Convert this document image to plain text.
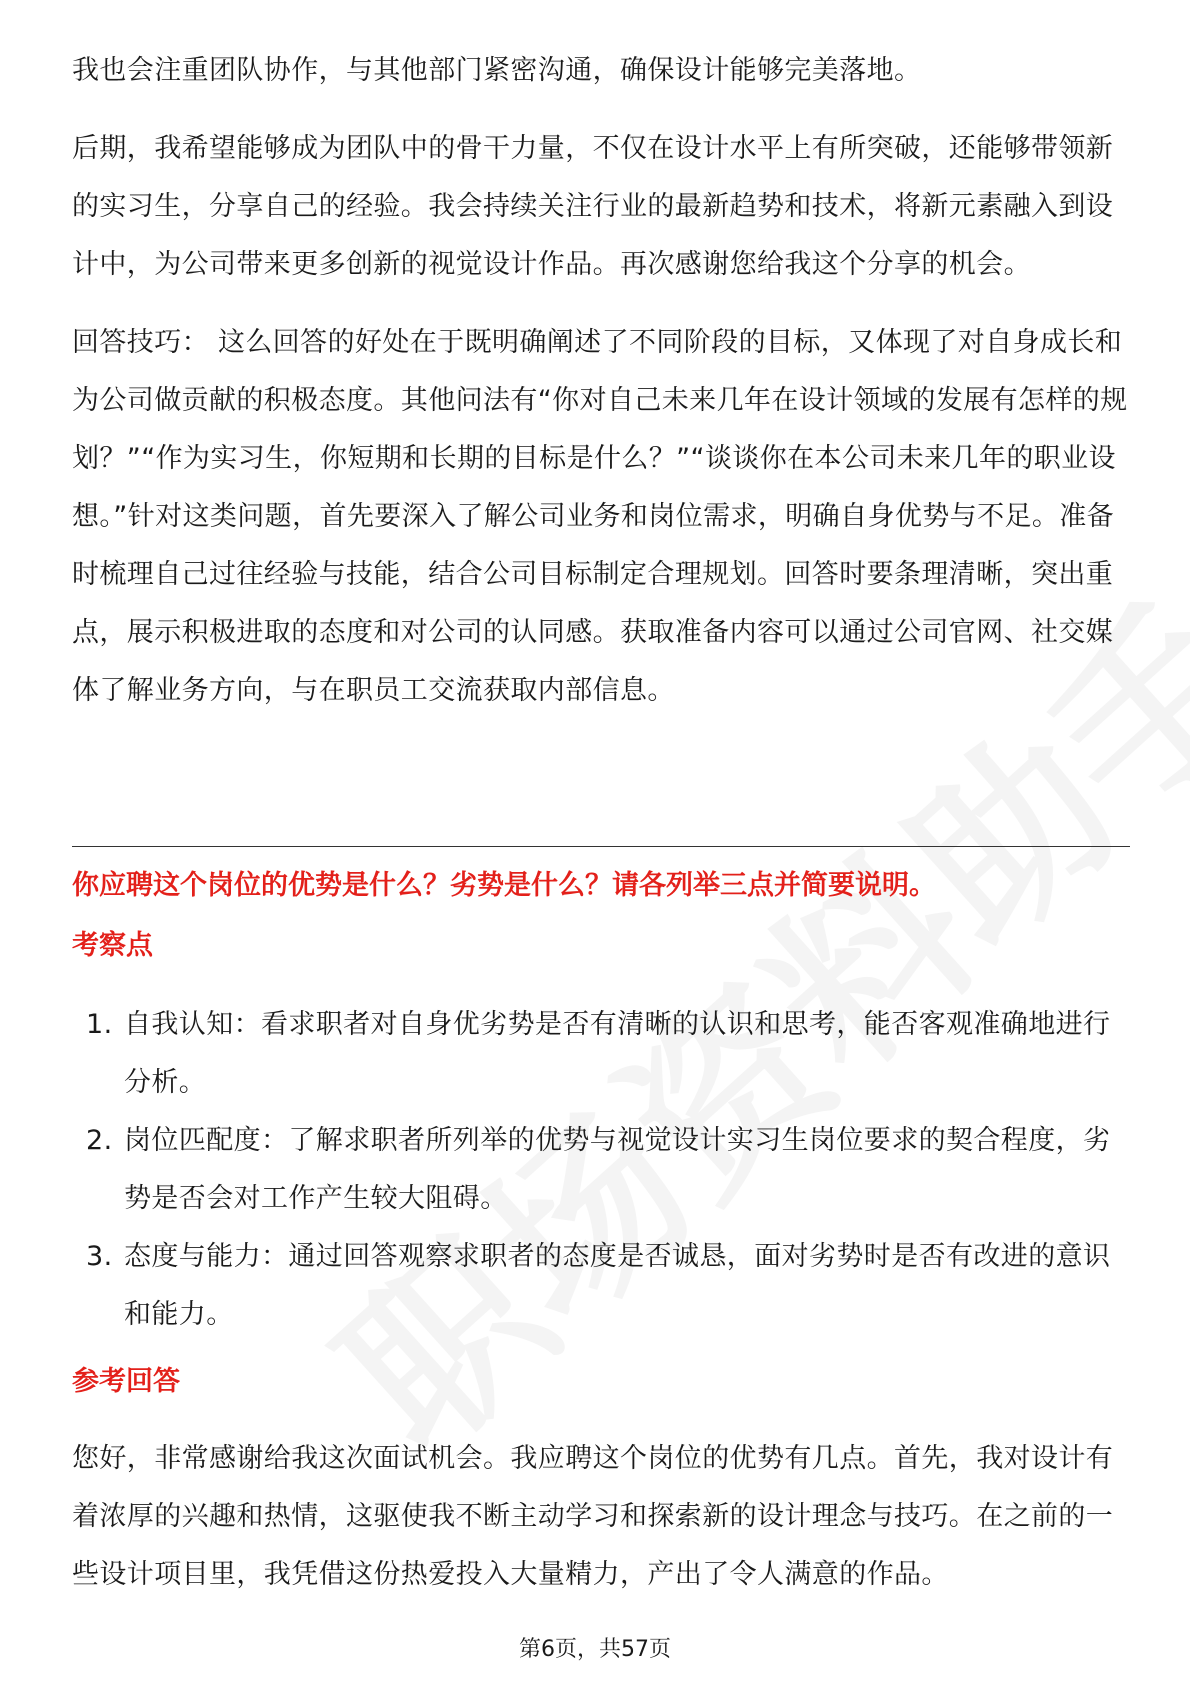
我也会注重团队协作，与其他部门紧密沟通，确保设计能够完美落地。

后期，我希望能够成为团队中的骨干力量，不仅在设计水平上有所突破，还能够带领新的实习生，分享自己的经验。我会持续关注行业的最新趋势和技术，将新元素融入到设计中，为公司带来更多创新的视觉设计作品。再次感谢您给我这个分享的机会。

回答技巧： 这么回答的好处在于既明确阐述了不同阶段的目标，又体现了对自身成长和为公司做贡献的积极态度。其他问法有“你对自己未来几年在设计领域的发展有怎样的规划？”“作为实习生，你短期和长期的目标是什么？”“谈谈你在本公司未来几年的职业设想。”针对这类问题，首先要深入了解公司业务和岗位需求，明确自身优势与不足。准备时梳理自己过往经验与技能，结合公司目标制定合理规划。回答时要条理清晰，突出重点，展示积极进取的态度和对公司的认同感。获取准备内容可以通过公司官网、社交媒体了解业务方向，与在职员工交流获取内部信息。

你应聘这个岗位的优势是什么？劣势是什么？请各列举三点并简要说明。
考察点
1. 自我认知：看求职者对自身优劣势是否有清晰的认识和思考，能否客观准确地进行分析。
2. 岗位匹配度：了解求职者所列举的优势与视觉设计实习生岗位要求的契合程度，劣势是否会对工作产生较大阻碍。
3. 态度与能力：通过回答观察求职者的态度是否诚恳，面对劣势时是否有改进的意识和能力。
参考回答

您好，非常感谢给我这次面试机会。我应聘这个岗位的优势有几点。首先，我对设计有着浓厚的兴趣和热情，这驱使我不断主动学习和探索新的设计理念与技巧。在之前的一些设计项目里，我凭借这份热爱投入大量精力，产出了令人满意的作品。

第6页，共57页
